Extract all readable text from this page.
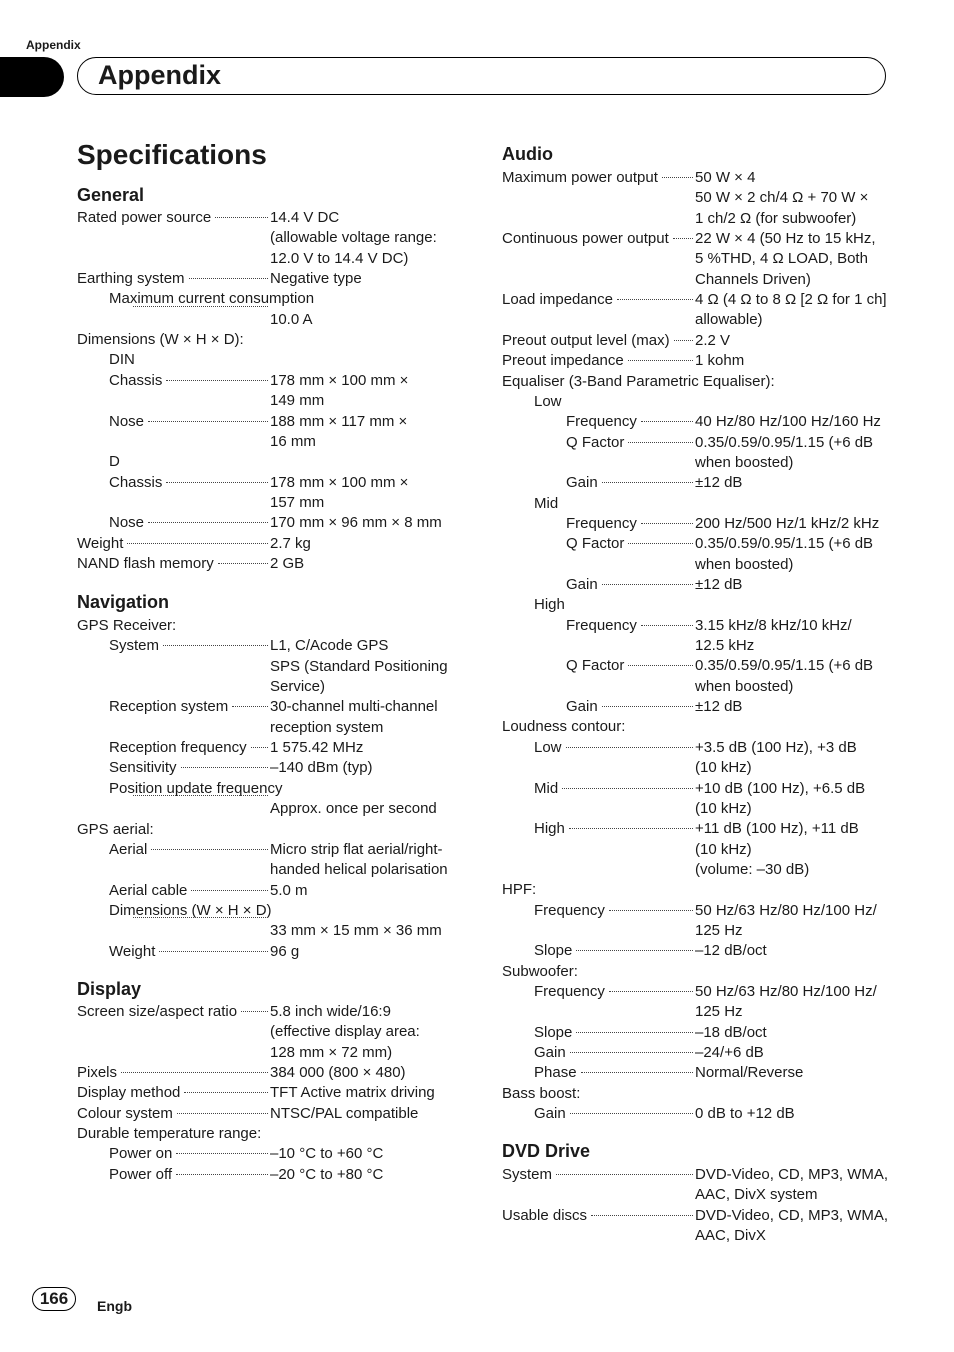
Appendix
Appendix
Specifications
General
Rated power source	14.4 V DC
(allowable voltage range:
12.0 V to 14.4 V DC)
Earthing system	Negative type
Maximum current consumption
10.0 A
Dimensions (W × H × D):
DIN
Chassis	178 mm × 100 mm ×
149 mm
Nose	188 mm × 117 mm ×
16 mm
D
Chassis	178 mm × 100 mm ×
157 mm
Nose	170 mm × 96 mm × 8 mm
Weight	2.7 kg
NAND flash memory	2 GB
Navigation
GPS Receiver:
System	L1, C/Acode GPS
SPS (Standard Positioning
Service)
Reception system	30-channel multi-channel
reception system
Reception frequency 1 575.42 MHz
Sensitivity	–140 dBm (typ)
Position update frequency
Approx. once per second
GPS aerial:
Aerial	Micro strip flat aerial/right-
handed helical polarisation
Aerial cable	5.0 m
Dimensions (W × H × D)
33 mm × 15 mm × 36 mm
Weight	96 g
Display
Screen size/aspect ratio 5.8 inch wide/16:9
(effective display area:
128 mm × 72 mm)
Pixels	384 000 (800 × 480)
Display method	TFT Active matrix driving
Colour system	NTSC/PAL compatible
Durable temperature range:
Power on	–10 °C to +60 °C
Power off	–20 °C to +80 °C
Audio
Maximum power output 50 W × 4
50 W × 2 ch/4 Ω + 70 W ×
1 ch/2 Ω (for subwoofer)
Continuous power output 22 W × 4 (50 Hz to 15 kHz,
5 %THD, 4 Ω LOAD, Both
Channels Driven)
Load impedance	4 Ω (4 Ω to 8 Ω [2 Ω for 1 ch]
allowable)
Preout output level (max) 2.2 V
Preout impedance	1 kohm
Equaliser (3-Band Parametric Equaliser):
Low
Frequency	40 Hz/80 Hz/100 Hz/160 Hz
Q Factor	0.35/0.59/0.95/1.15 (+6 dB
when boosted)
Gain	±12 dB
Mid
Frequency	200 Hz/500 Hz/1 kHz/2 kHz
Q Factor	0.35/0.59/0.95/1.15 (+6 dB
when boosted)
Gain	±12 dB
High
Frequency	3.15 kHz/8 kHz/10 kHz/
12.5 kHz
Q Factor	0.35/0.59/0.95/1.15 (+6 dB
when boosted)
Gain	±12 dB
Loudness contour:
Low	+3.5 dB (100 Hz), +3 dB
(10 kHz)
Mid	+10 dB (100 Hz), +6.5 dB
(10 kHz)
High	+11 dB (100 Hz), +11 dB
(10 kHz)
(volume: –30 dB)
HPF:
Frequency	50 Hz/63 Hz/80 Hz/100 Hz/
125 Hz
Slope	–12 dB/oct
Subwoofer:
Frequency	50 Hz/63 Hz/80 Hz/100 Hz/
125 Hz
Slope	–18 dB/oct
Gain	–24/+6 dB
Phase	Normal/Reverse
Bass boost:
Gain	0 dB to +12 dB
DVD Drive
System	DVD-Video, CD, MP3, WMA,
AAC, DivX system
Usable discs	DVD-Video, CD, MP3, WMA,
AAC, DivX
166	Engb
